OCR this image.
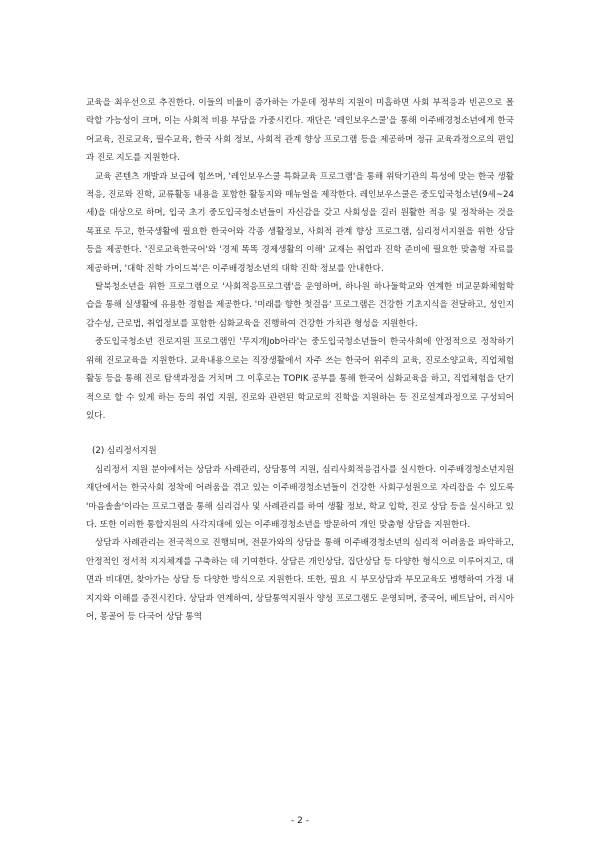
교육을 최우선으로 추진한다. 이들의 비율이 증가하는 가운데 정부의 지원이 미흡하면 사회 부적응과 빈곤으로 몰락할 가능성이 크며, 이는 사회적 비용 부담을 가중시킨다. 재단은 '레인보우스쿨'을 통해 이주배경청소년에게 한국어교육, 진로교육, 필수교육, 한국 사회 정보, 사회적 관계 향상 프로그램 등을 제공하며 정규 교육과정으로의 편입과 진로 지도를 지원한다.

교육 콘텐츠 개발과 보급에 힘쓰며, '레인보우스쿨 특화교육 프로그램'을 통해 위탁기관의 특성에 맞는 한국 생활 적응, 진로와 진학, 교류활동 내용을 포함한 활동지와 매뉴얼을 제작한다. 레인보우스쿨은 중도입국청소년(9세~24세)을 대상으로 하며, 입국 초기 중도입국청소년들이 자신감을 갖고 사회성을 길러 원활한 적응 및 정착하는 것을 목표로 두고, 한국생활에 필요한 한국어와 각종 생활정보, 사회적 관계 향상 프로그램, 심리정서지원을 위한 상담 등을 제공한다. '진로교육한국어'와 '경제 똑똑 경제생활의 이해' 교재는 취업과 진학 준비에 필요한 맞춤형 자료를 제공하며, '대학 진학 가이드북'은 이주배경청소년의 대학 진학 정보를 안내한다.

탈북청소년을 위한 프로그램으로 '사회적응프로그램'을 운영하며, 하나원 하나둘학교와 연계한 비교문화체험학습을 통해 실생활에 유용한 경험을 제공한다. '미래를 향한 첫걸음' 프로그램은 건강한 기초지식을 전달하고, 성인지감수성, 근로법, 취업정보를 포함한 심화교육을 진행하여 건강한 가치관 형성을 지원한다.

중도입국청소년 진로지원 프로그램인 '무지개Job아라'는 중도입국청소년들이 한국사회에 안정적으로 정착하기 위해 진로교육을 지원한다. 교육내용으로는 직장생활에서 자주 쓰는 한국어 위주의 교육, 진로소양교육, 직업체험활동 등을 통해 진로 탐색과정을 거치며 그 이후로는 TOPIK 공부를 통해 한국어 심화교육을 하고, 직업체험을 단기적으로 할 수 있게 하는 등의 취업 지원, 진로와 관련된 학교로의 진학을 지원하는 등 진로설계과정으로 구성되어 있다.

(2) 심리정서지원

심리정서 지원 분야에서는 상담과 사례관리, 상담통역 지원, 심리사회적응검사를 실시한다. 이주배경청소년지원재단에서는 한국사회 정착에 어려움을 겪고 있는 이주배경청소년들이 건강한 사회구성원으로 자리잡을 수 있도록 '마음솔솔'이라는 프로그램을 통해 심리검사 및 사례관리를 하여 생활 정보, 학교 입학, 진로 상담 등을 실시하고 있다. 또한 이러한 통합지원의 사각지대에 있는 이주배경청소년을 방문하여 개인 맞춤형 상담을 지원한다.

상담과 사례관리는 전국적으로 진행되며, 전문가와의 상담을 통해 이주배경청소년의 심리적 어려움을 파악하고, 안정적인 정서적 지지체계를 구축하는 데 기여한다. 상담은 개인상담, 집단상담 등 다양한 형식으로 이루어지고, 대면과 비대면, 찾아가는 상담 등 다양한 방식으로 지원한다. 또한, 필요 시 부모상담과 부모교육도 병행하여 가정 내 지지와 이해를 증진시킨다. 상담과 연계하여, 상담통역지원사 양성 프로그램도 운영되며, 중국어, 베트남어, 러시아어, 몽골어 등 다국어 상담 통역

- 2 -
